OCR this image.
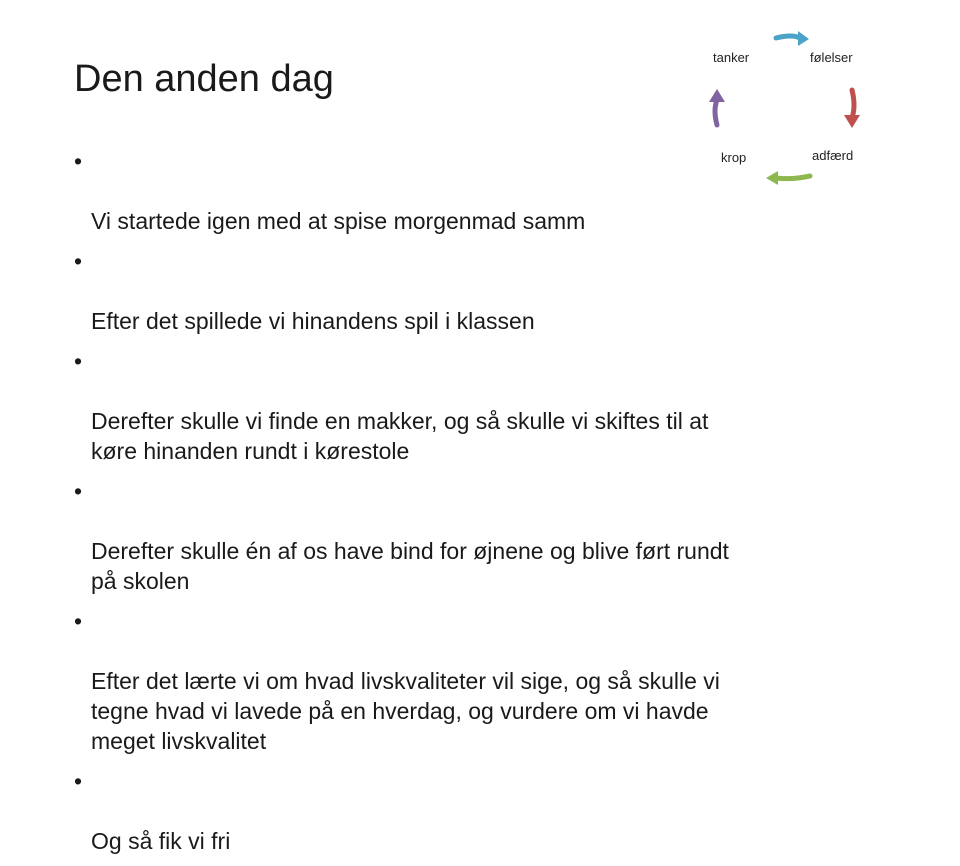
Den anden dag

•

Vi startede igen med at spise morgenmad samm

•

Efter det spillede vi hinandens spil i klassen

•

Derefter skulle vi finde en makker, og så skulle vi skiftes til at
køre hinanden rundt i kørestole

•

Derefter skulle én af os have bind for øjnene og blive ført rundt
på skolen

•

Efter det lærte vi om hvad livskvaliteter vil sige, og så skulle vi
tegne hvad vi lavede på en hverdag, og vurdere om vi havde
meget livskvalitet

•

Og så fik vi fri

tanker	følelser
adfærd
krop
